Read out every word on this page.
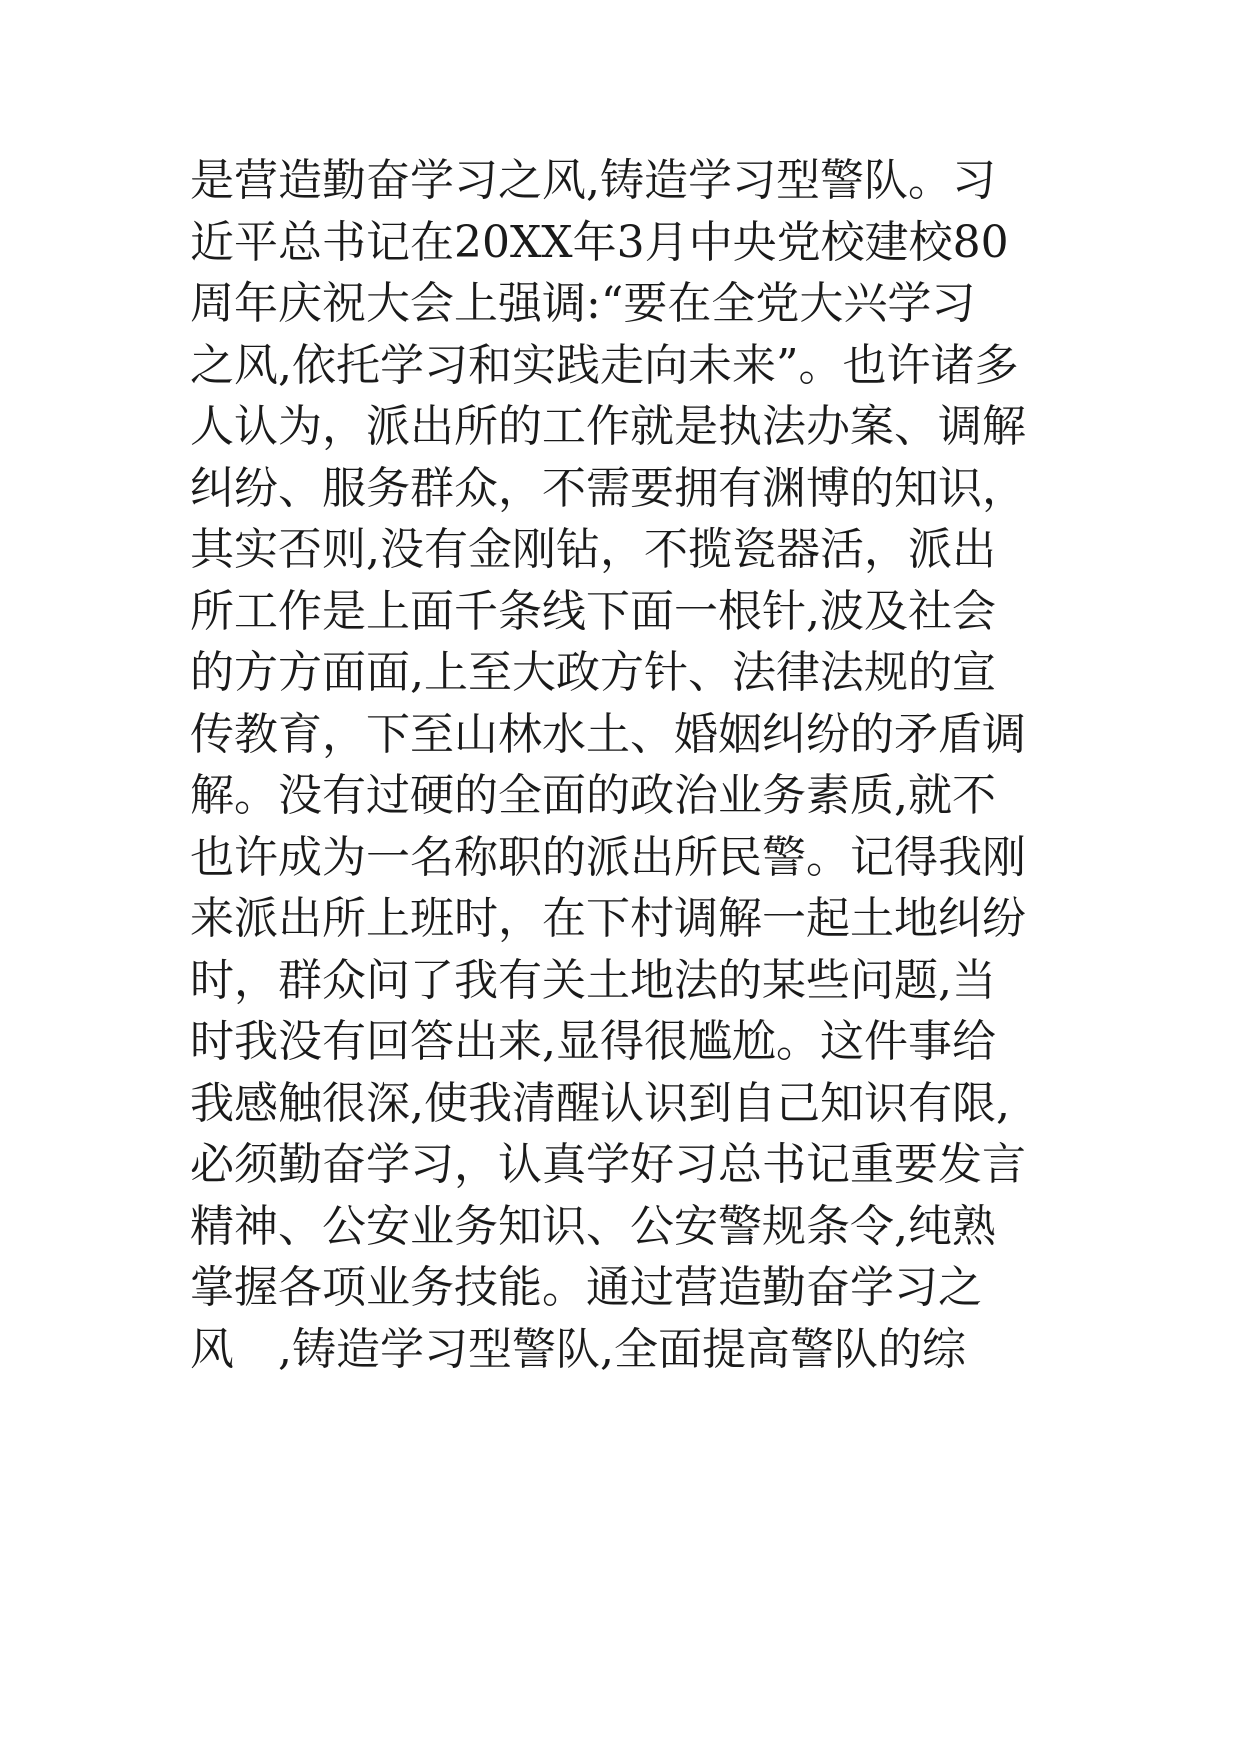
是营造勤奋学习之风,铸造学习型警队。习
近平总书记在20XX年3月中央党校建校80
周年庆祝大会上强调:“要在全党大兴学习
之风,依托学习和实践走向未来”。也许诸多
人认为，派出所的工作就是执法办案、调解
纠纷、服务群众，不需要拥有渊博的知识，
其实否则,没有金刚钻，不揽瓷器活，派出
所工作是上面千条线下面一根针,波及社会
的方方面面,上至大政方针、法律法规的宣
传教育，下至山林水土、婚姻纠纷的矛盾调
解。没有过硬的全面的政治业务素质,就不
也许成为一名称职的派出所民警。记得我刚
来派出所上班时，在下村调解一起土地纠纷
时，群众问了我有关土地法的某些问题,当
时我没有回答出来,显得很尴尬。这件事给
我感触很深,使我清醒认识到自己知识有限,
必须勤奋学习，认真学好习总书记重要发言
精神、公安业务知识、公安警规条令,纯熟
掌握各项业务技能。通过营造勤奋学习之
风　,铸造学习型警队,全面提高警队的综
